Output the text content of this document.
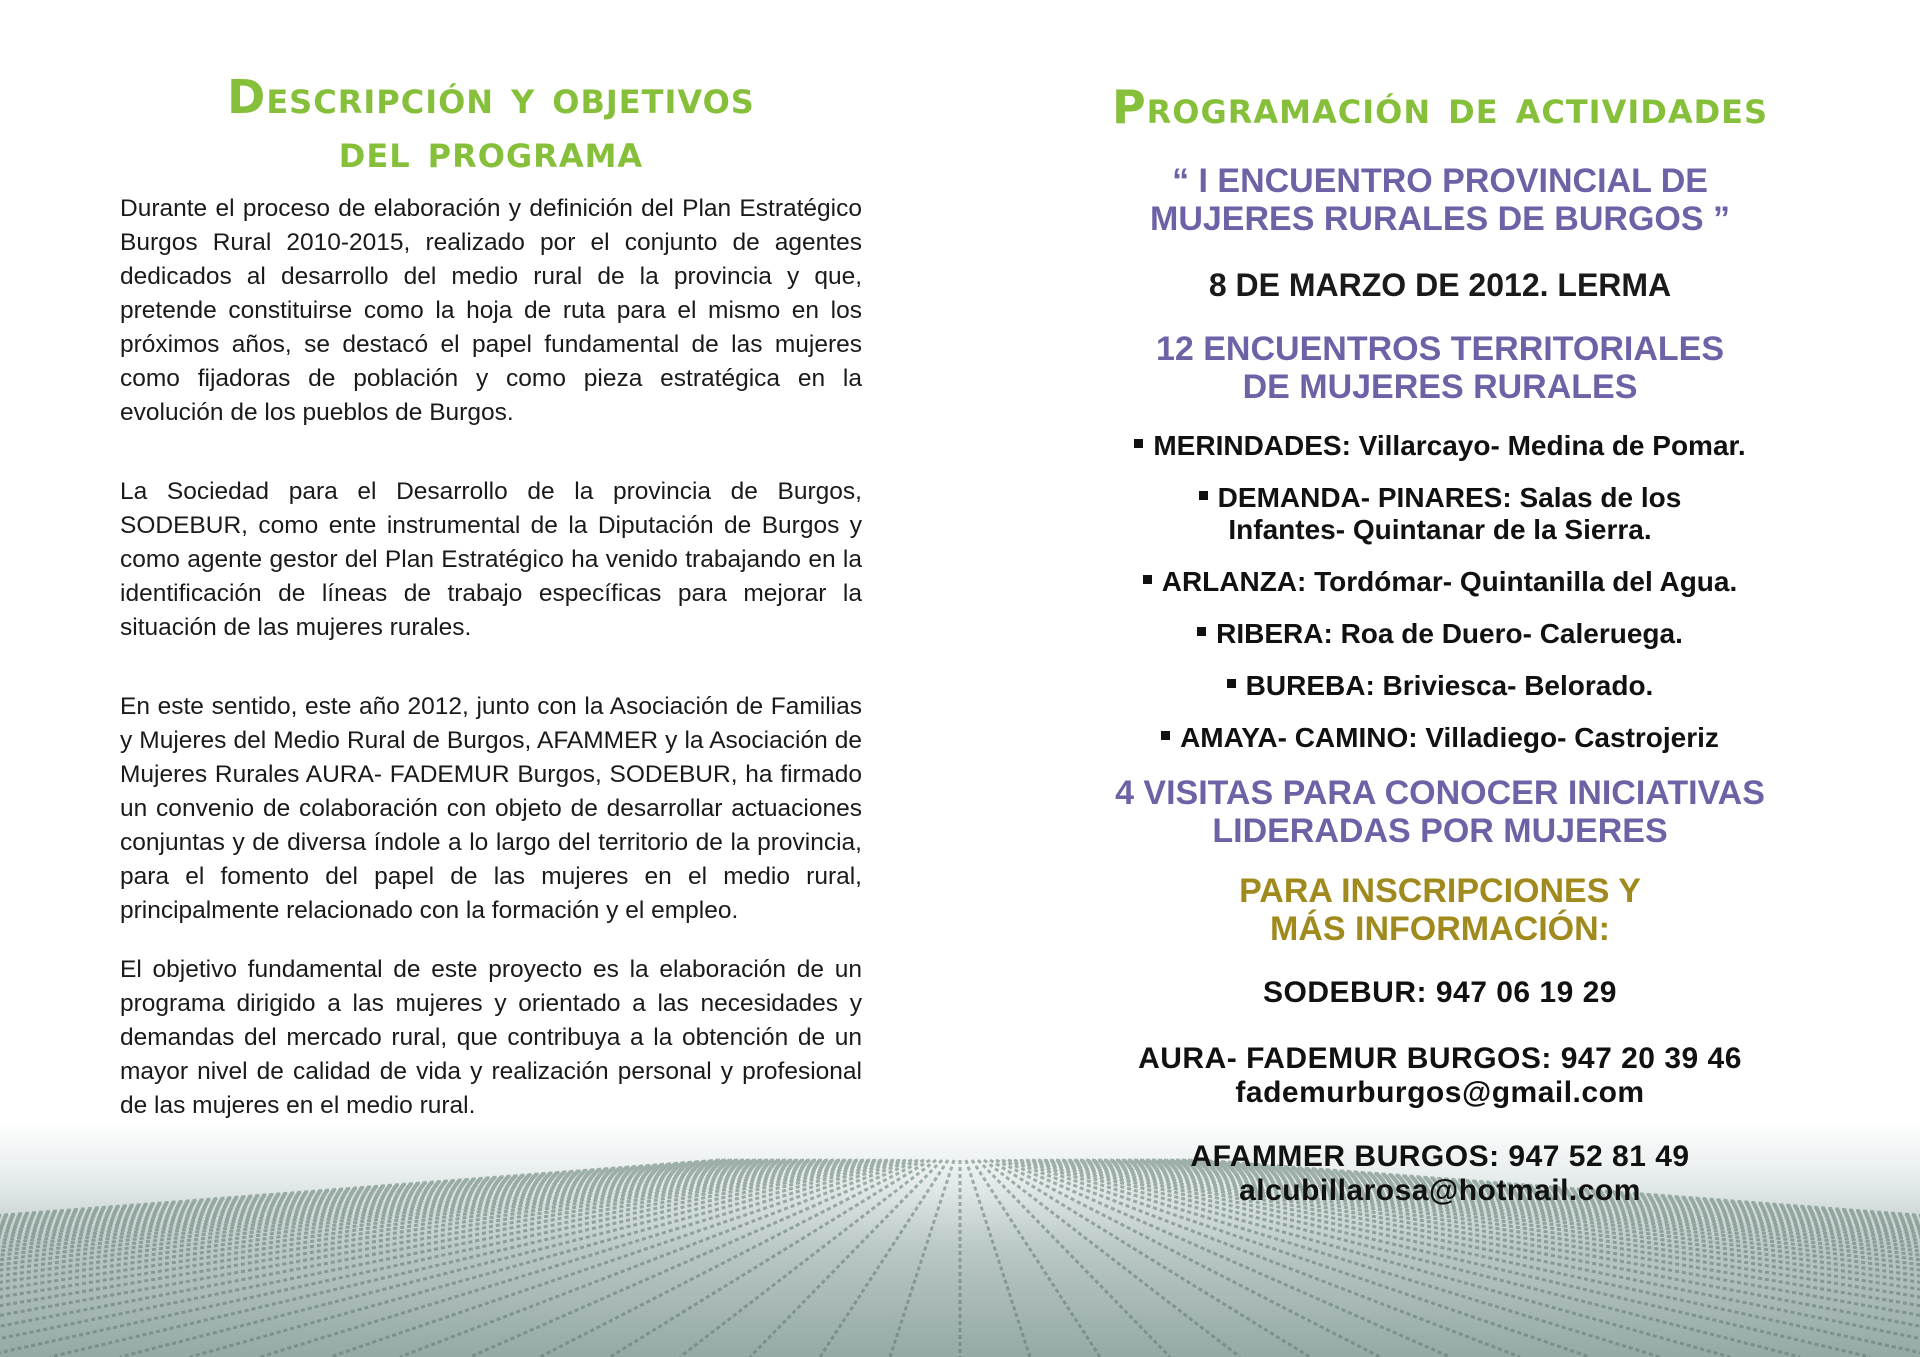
Descripción y objetivos
del programa

Durante el proceso de elaboración y definición del Plan Estratégico Burgos Rural 2010-2015, realizado por el conjunto de agentes dedicados al desarrollo del medio rural de la provincia y que, pretende constituirse como la hoja de ruta para el mismo en los próximos años, se destacó el papel fundamental de las mujeres como fijadoras de población y como pieza estratégica en la evolución de los pueblos de Burgos.

La Sociedad para el Desarrollo de la provincia de Burgos, SODEBUR, como ente instrumental de la Diputación de Burgos y como agente gestor del Plan Estratégico ha venido trabajando en la identificación de líneas de trabajo específicas para mejorar la situación de las mujeres rurales.

En este sentido, este año 2012, junto con la Asociación de Familias y Mujeres del Medio Rural de Burgos, AFAMMER y la Asociación de Mujeres Rurales AURA- FADEMUR Burgos, SODEBUR, ha firmado un convenio de colaboración con objeto de desarrollar actuaciones conjuntas y de diversa índole a lo largo del territorio de la provincia, para el fomento del papel de las mujeres en el medio rural, principalmente relacionado con la formación y el empleo.

El objetivo fundamental de este proyecto es la elaboración de un programa dirigido a las mujeres y orientado a las necesidades y demandas del mercado rural, que contribuya a la obtención de un mayor nivel de calidad de vida y realización personal y profesional de las mujeres en el medio rural.

Programación de actividades

“ I ENCUENTRO PROVINCIAL DE

MUJERES RURALES DE BURGOS ”

8 DE MARZO DE 2012. LERMA

12 ENCUENTROS TERRITORIALES

DE MUJERES RURALES

MERINDADES: Villarcayo- Medina de Pomar.
DEMANDA- PINARES: Salas de los
Infantes- Quintanar de la Sierra.
ARLANZA: Tordómar- Quintanilla del Agua.
RIBERA: Roa de Duero- Caleruega.
BUREBA: Briviesca- Belorado.
AMAYA- CAMINO: Villadiego- Castrojeriz

4 VISITAS PARA CONOCER INICIATIVAS

LIDERADAS POR MUJERES

PARA INSCRIPCIONES Y

MÁS INFORMACIÓN:

SODEBUR: 947 06 19 29

AURA- FADEMUR BURGOS: 947 20 39 46

fademurburgos@gmail.com

AFAMMER BURGOS: 947 52 81 49

alcubillarosa@hotmail.com
